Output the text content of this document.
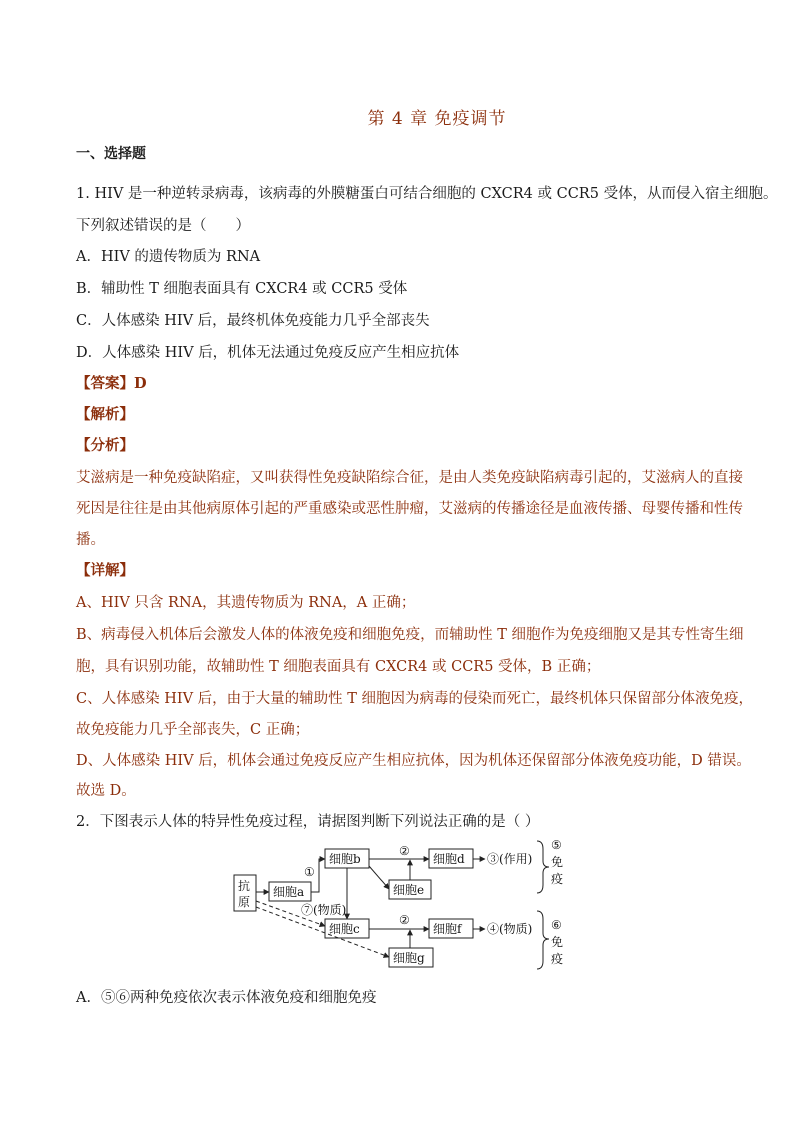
第 4 章 免疫调节
一、选择题
1. HIV 是一种逆转录病毒，该病毒的外膜糖蛋白可结合细胞的 CXCR4 或 CCR5 受体，从而侵入宿主细胞。
下列叙述错误的是（　　）
A．HIV 的遗传物质为 RNA
B．辅助性 T 细胞表面具有 CXCR4 或 CCR5 受体
C．人体感染 HIV 后，最终机体免疫能力几乎全部丧失
D．人体感染 HIV 后，机体无法通过免疫反应产生相应抗体
【答案】D
【解析】
【分析】
艾滋病是一种免疫缺陷症，又叫获得性免疫缺陷综合征，是由人类免疫缺陷病毒引起的，艾滋病人的直接
死因是往往是由其他病原体引起的严重感染或恶性肿瘤，艾滋病的传播途径是血液传播、母婴传播和性传
播。
【详解】
A、HIV 只含 RNA，其遗传物质为 RNA，A 正确；
B、病毒侵入机体后会激发人体的体液免疫和细胞免疫，而辅助性 T 细胞作为免疫细胞又是其专性寄生细
胞，具有识别功能，故辅助性 T 细胞表面具有 CXCR4 或 CCR5 受体，B 正确；
C、人体感染 HIV 后，由于大量的辅助性 T 细胞因为病毒的侵染而死亡，最终机体只保留部分体液免疫，
故免疫能力几乎全部丧失，C 正确；
D、人体感染 HIV 后，机体会通过免疫反应产生相应抗体，因为机体还保留部分体液免疫功能，D 错误。
故选 D。
2．下图表示人体的特异性免疫过程，请据图判断下列说法正确的是（ ）
抗
原
细胞a
细胞b	细胞d
细胞e
细胞c	细胞f
细胞g
①
②
②
⑦(物质)
③(作用)
④(物质)
⑤
免
疫
⑥
免
疫
A．⑤⑥两种免疫依次表示体液免疫和细胞免疫
